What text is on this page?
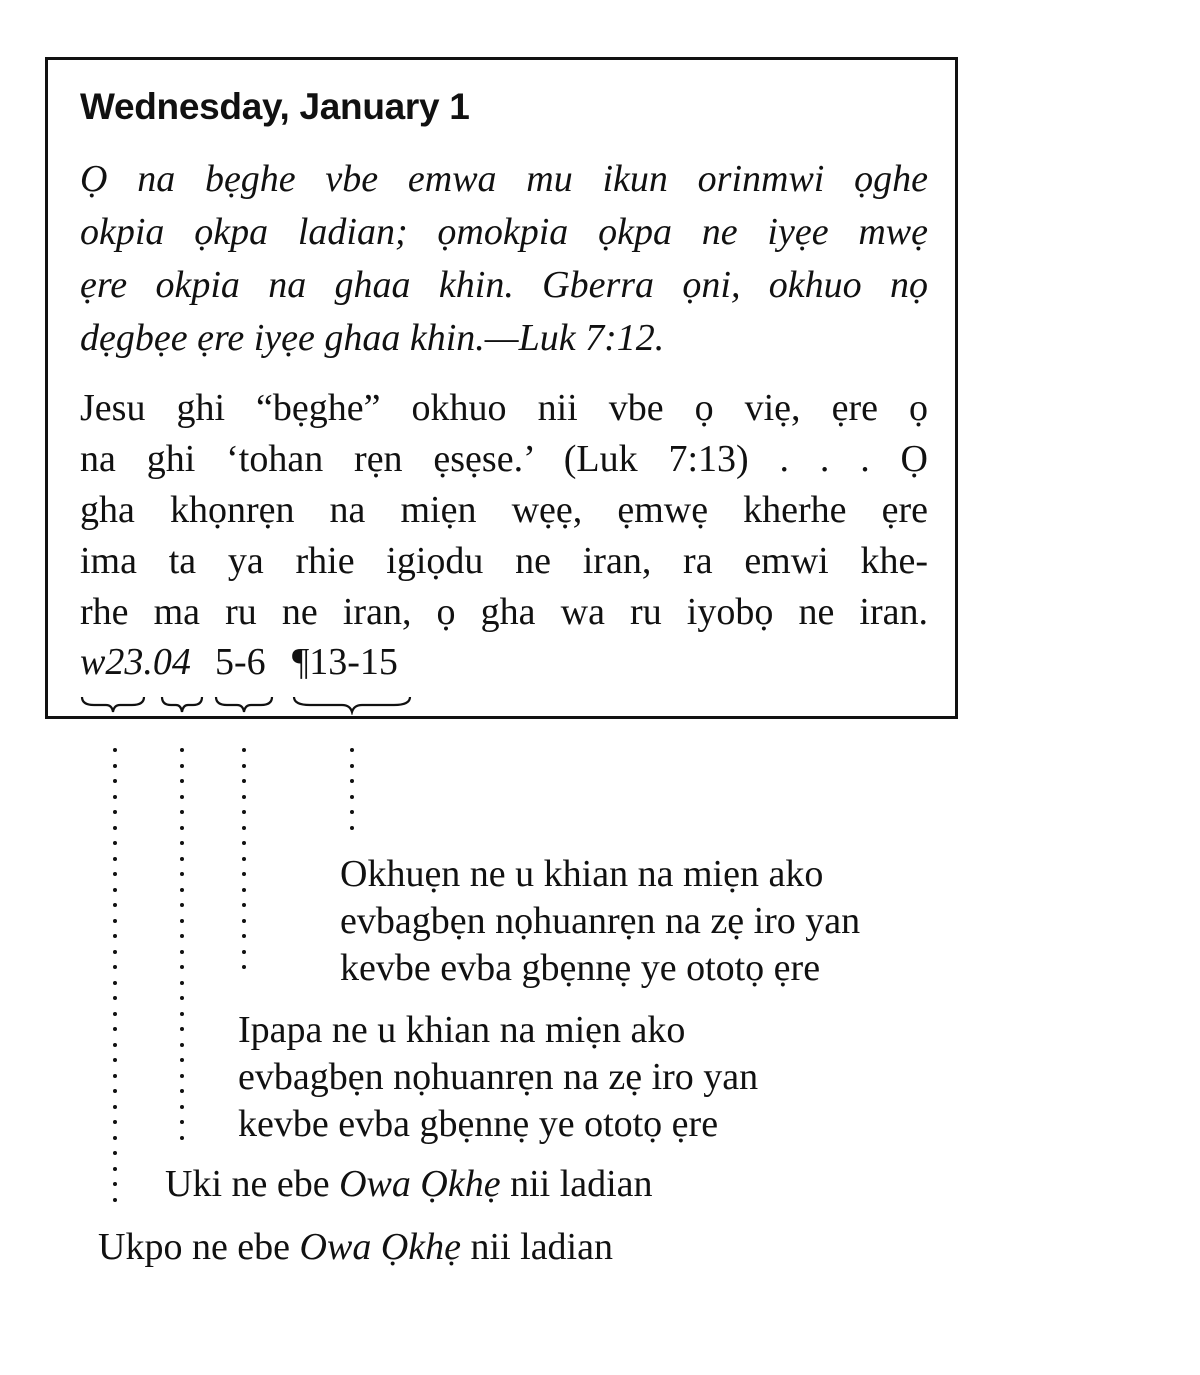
Wednesday, January 1
Ọ na bẹghe vbe emwa mu ikun orinmwi ọghe
okpia ọkpa ladian; ọmokpia ọkpa ne iyẹe mwẹ
ẹre okpia na ghaa khin. Gberra ọni, okhuo nọ
dẹgbẹe ẹre iyẹe ghaa khin.—Luk 7:12.
Jesu ghi “bẹghe” okhuo nii vbe ọ viẹ, ẹre ọ
na ghi ‘tohan rẹn ẹsẹse.’ (Luk 7:13) . . . Ọ
gha khọnrẹn na miẹn wẹẹ, ẹmwẹ kherhe ẹre
ima ta ya rhie igiọdu ne iran, ra emwi khe-
rhe ma ru ne iran, ọ gha wa ru iyobọ ne iran.
w23.04 5-6 ¶13-15
Okhuẹn ne u khian na miẹn ako
evbagbẹn nọhuanrẹn na zẹ iro yan
kevbe evba gbẹnnẹ ye ototọ ẹre
Ipapa ne u khian na miẹn ako
evbagbẹn nọhuanrẹn na zẹ iro yan
kevbe evba gbẹnnẹ ye ototọ ẹre
Uki ne ebe Owa Ọkhẹ nii ladian
Ukpo ne ebe Owa Ọkhẹ nii ladian
